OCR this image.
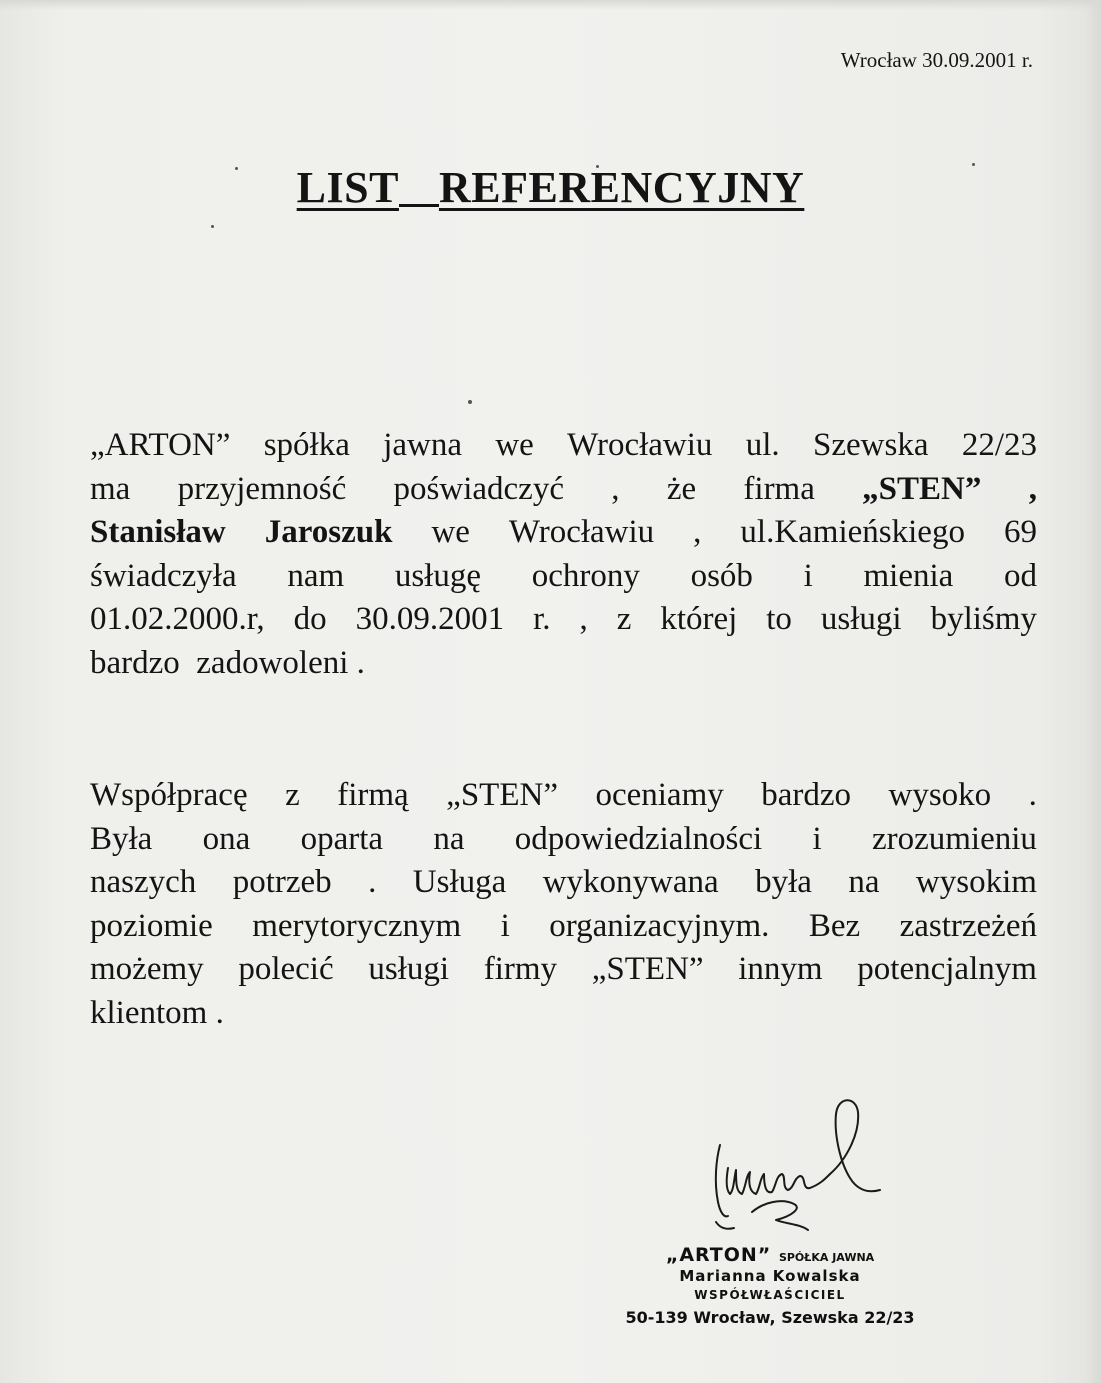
Wrocław 30.09.2001 r.
LIST REFERENCYJNY
„ARTON” spółka jawna we Wrocławiu ul. Szewska 22/23
ma przyjemność poświadczyć , że firma „STEN” ,
Stanisław Jaroszuk we Wrocławiu , ul.Kamieńskiego 69
świadczyła nam usługę ochrony osób i mienia od
01.02.2000.r, do 30.09.2001 r. , z której to usługi byliśmy
bardzo  zadowoleni .
Współpracę z firmą „STEN” oceniamy bardzo wysoko .
Była ona oparta na odpowiedzialności i zrozumieniu
naszych potrzeb . Usługa wykonywana była na wysokim
poziomie merytorycznym i organizacyjnym. Bez zastrzeżeń
możemy polecić usługi firmy „STEN” innym potencjalnym
klientom .
„ARTON” SPÓŁKA JAWNA
Marianna Kowalska
WSPÓŁWŁAŚCICIEL
50-139 Wrocław, Szewska 22/23
